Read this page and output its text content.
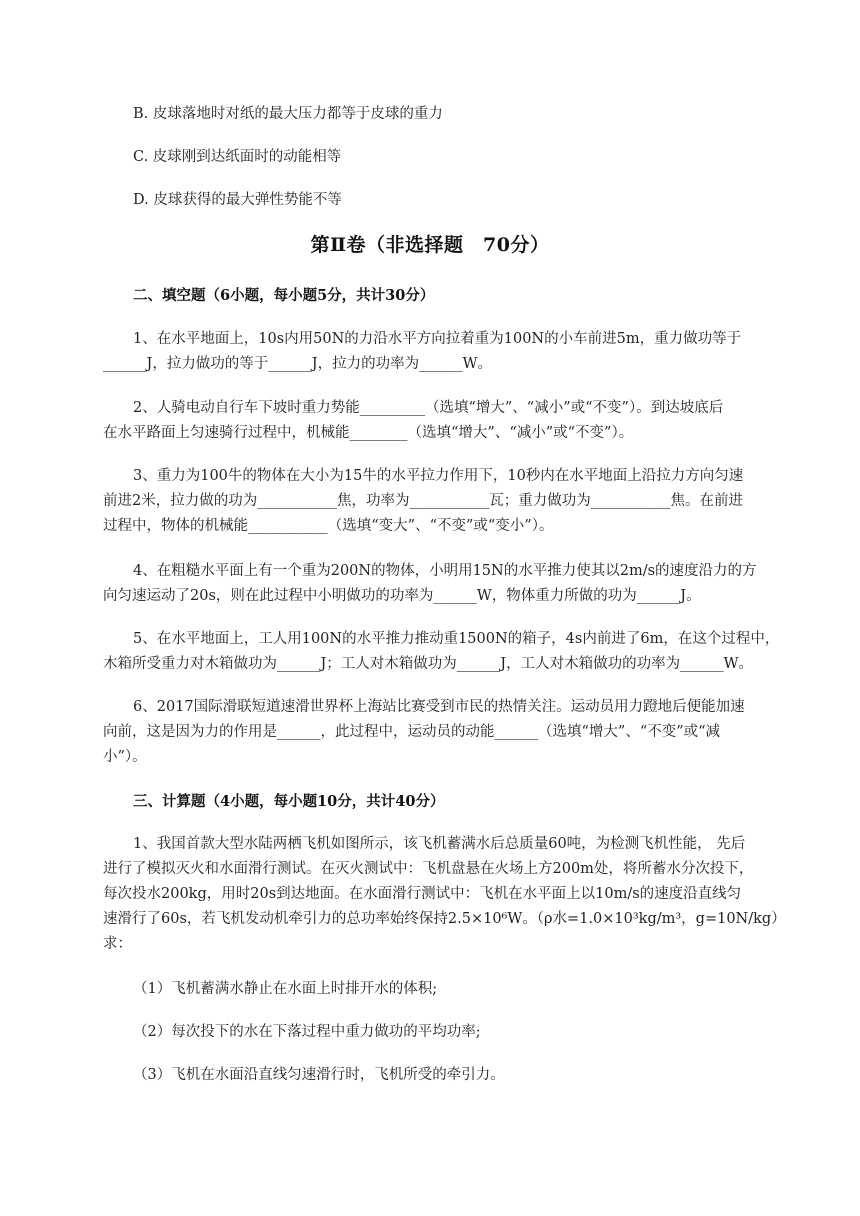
B. 皮球落地时对纸的最大压力都等于皮球的重力
C. 皮球刚到达纸面时的动能相等
D. 皮球获得的最大弹性势能不等
第Ⅱ卷（非选择题　70分）
二、填空题（6小题，每小题5分，共计30分）
1、在水平地面上，10s内用50N的力沿水平方向拉着重为100N的小车前进5m，重力做功等于
______J，拉力做功的等于______J，拉力的功率为______W。
2、人骑电动自行车下坡时重力势能_________（选填“增大”、“减小”或“不变”）。到达坡底后
在水平路面上匀速骑行过程中，机械能________（选填“增大”、“减小”或“不变”）。
3、重力为100牛的物体在大小为15牛的水平拉力作用下，10秒内在水平地面上沿拉力方向匀速
前进2米，拉力做的功为___________焦，功率为___________瓦；重力做功为___________焦。在前进
过程中，物体的机械能___________（选填“变大”、“不变”或“变小”）。
4、在粗糙水平面上有一个重为200N的物体，小明用15N的水平推力使其以2m/s的速度沿力的方
向匀速运动了20s，则在此过程中小明做功的功率为______W，物体重力所做的功为______J。
5、在水平地面上，工人用100N的水平推力推动重1500N的箱子，4s内前进了6m，在这个过程中，
木箱所受重力对木箱做功为______J；工人对木箱做功为______J，工人对木箱做功的功率为______W。
6、2017国际滑联短道速滑世界杯上海站比赛受到市民的热情关注。运动员用力蹬地后便能加速
向前，这是因为力的作用是______，此过程中，运动员的动能______（选填“增大”、“不变”或“减
小”）。
三、计算题（4小题，每小题10分，共计40分）
1、我国首款大型水陆两栖飞机如图所示，该飞机蓄满水后总质量60吨，为检测飞机性能， 先后
进行了模拟灭火和水面滑行测试。在灭火测试中：飞机盘悬在火场上方200m处，将所蓄水分次投下，
每次投水200kg，用时20s到达地面。在水面滑行测试中：飞机在水平面上以10m/s的速度沿直线匀
速滑行了60s，若飞机发动机牵引力的总功率始终保持2.5×10⁶W。（ρ水=1.0×10³kg/m³，g=10N/kg）
求：
（1）飞机蓄满水静止在水面上时排开水的体积;
（2）每次投下的水在下落过程中重力做功的平均功率;
（3）飞机在水面沿直线匀速滑行时，飞机所受的牵引力。
